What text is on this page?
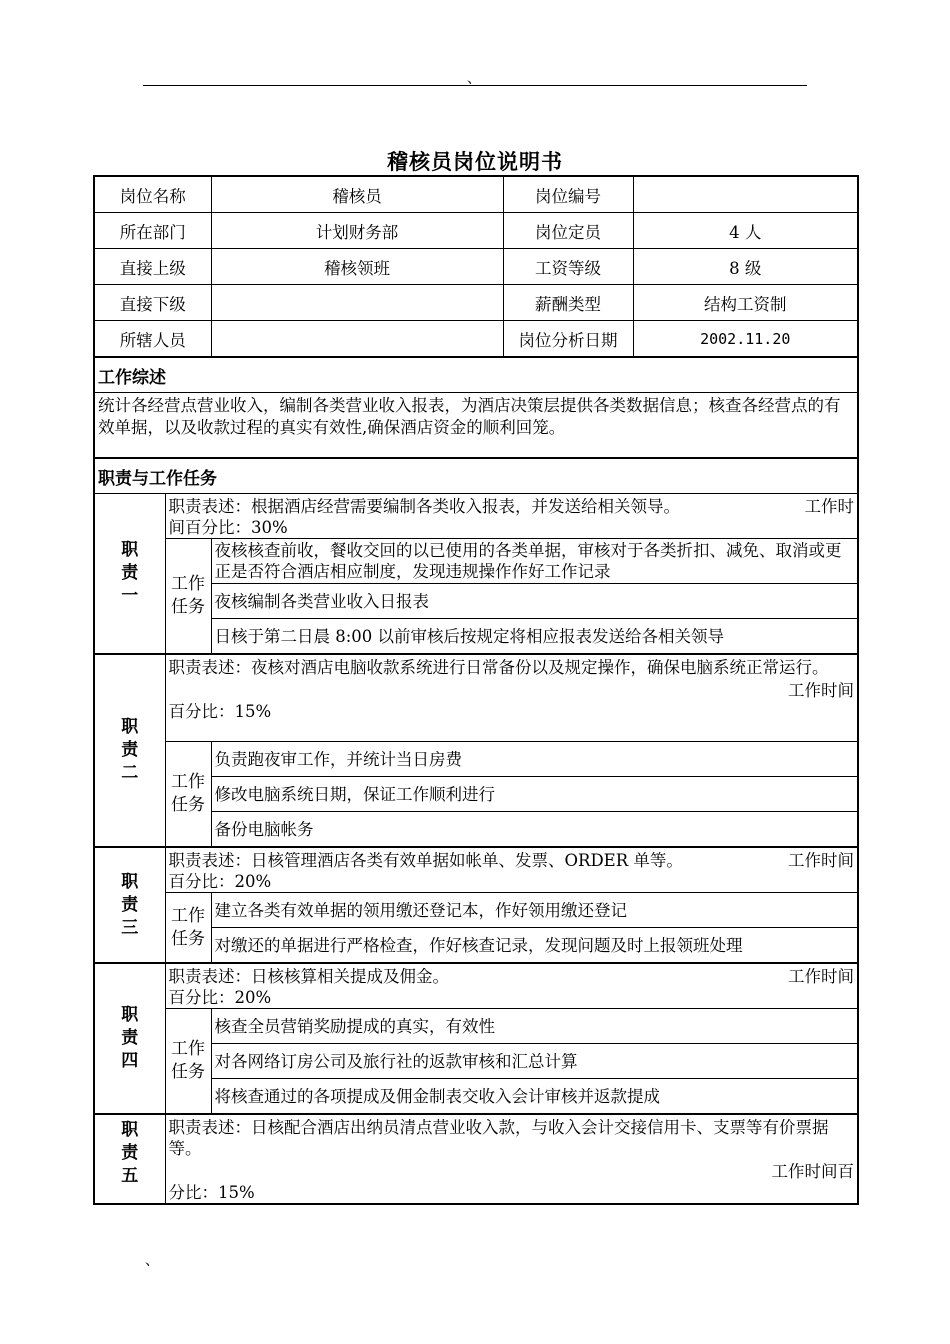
、
稽核员岗位说明书
岗位名称		稽核员	岗位编号	
所在部门		计划财务部	岗位定员	4 人
直接上级		稽核领班	工资等级	8 级
直接下级			薪酬类型	结构工资制
所辖人员			岗位分析日期	2002.11.20
工作综述				
统计各经营点营业收入，编制各类营业收入报表，为酒店决策层提供各类数据信息；核查各经营点的有效单据，以及收款过程的真实有效性,确保酒店资金的顺利回笼。				
职责与工作任务				
职责一	职责表述：根据酒店经营需要编制各类收入报表，并发送给相关领导。 工作时
间百分比：30%			

	工作任务	夜核核查前收，餐收交回的以已使用的各类单据，审核对于各类折扣、减免、取消或更正是否符合酒店相应制度，发现违规操作作好工作记录		
		夜核编制各类营业收入日报表		
		日核于第二日晨 8:00 以前审核后按规定将相应报表发送给各相关领导		
职责二	职责表述：夜核对酒店电脑收款系统进行日常备份以及规定操作，确保电脑系统正常运行。
工作时间
百分比：15%			

	工作任务	负责跑夜审工作，并统计当日房费		
		修改电脑系统日期，保证工作顺利进行		
		备份电脑帐务		
职责三	职责表述：日核管理酒店各类有效单据如帐单、发票、ORDER 单等。 工作时间
百分比：20%			

	工作任务	建立各类有效单据的领用缴还登记本，作好领用缴还登记		
		对缴还的单据进行严格检查，作好核查记录，发现问题及时上报领班处理		
职责四	职责表述：日核核算相关提成及佣金。 工作时间
百分比：20%			

	工作任务	核查全员营销奖励提成的真实，有效性		
		对各网络订房公司及旅行社的返款审核和汇总计算		
		将核查通过的各项提成及佣金制表交收入会计审核并返款提成		
职责五	职责表述：日核配合酒店出纳员清点营业收入款，与收入会计交接信用卡、支票等有价票据等。
工作时间百
分比：15%			
、
